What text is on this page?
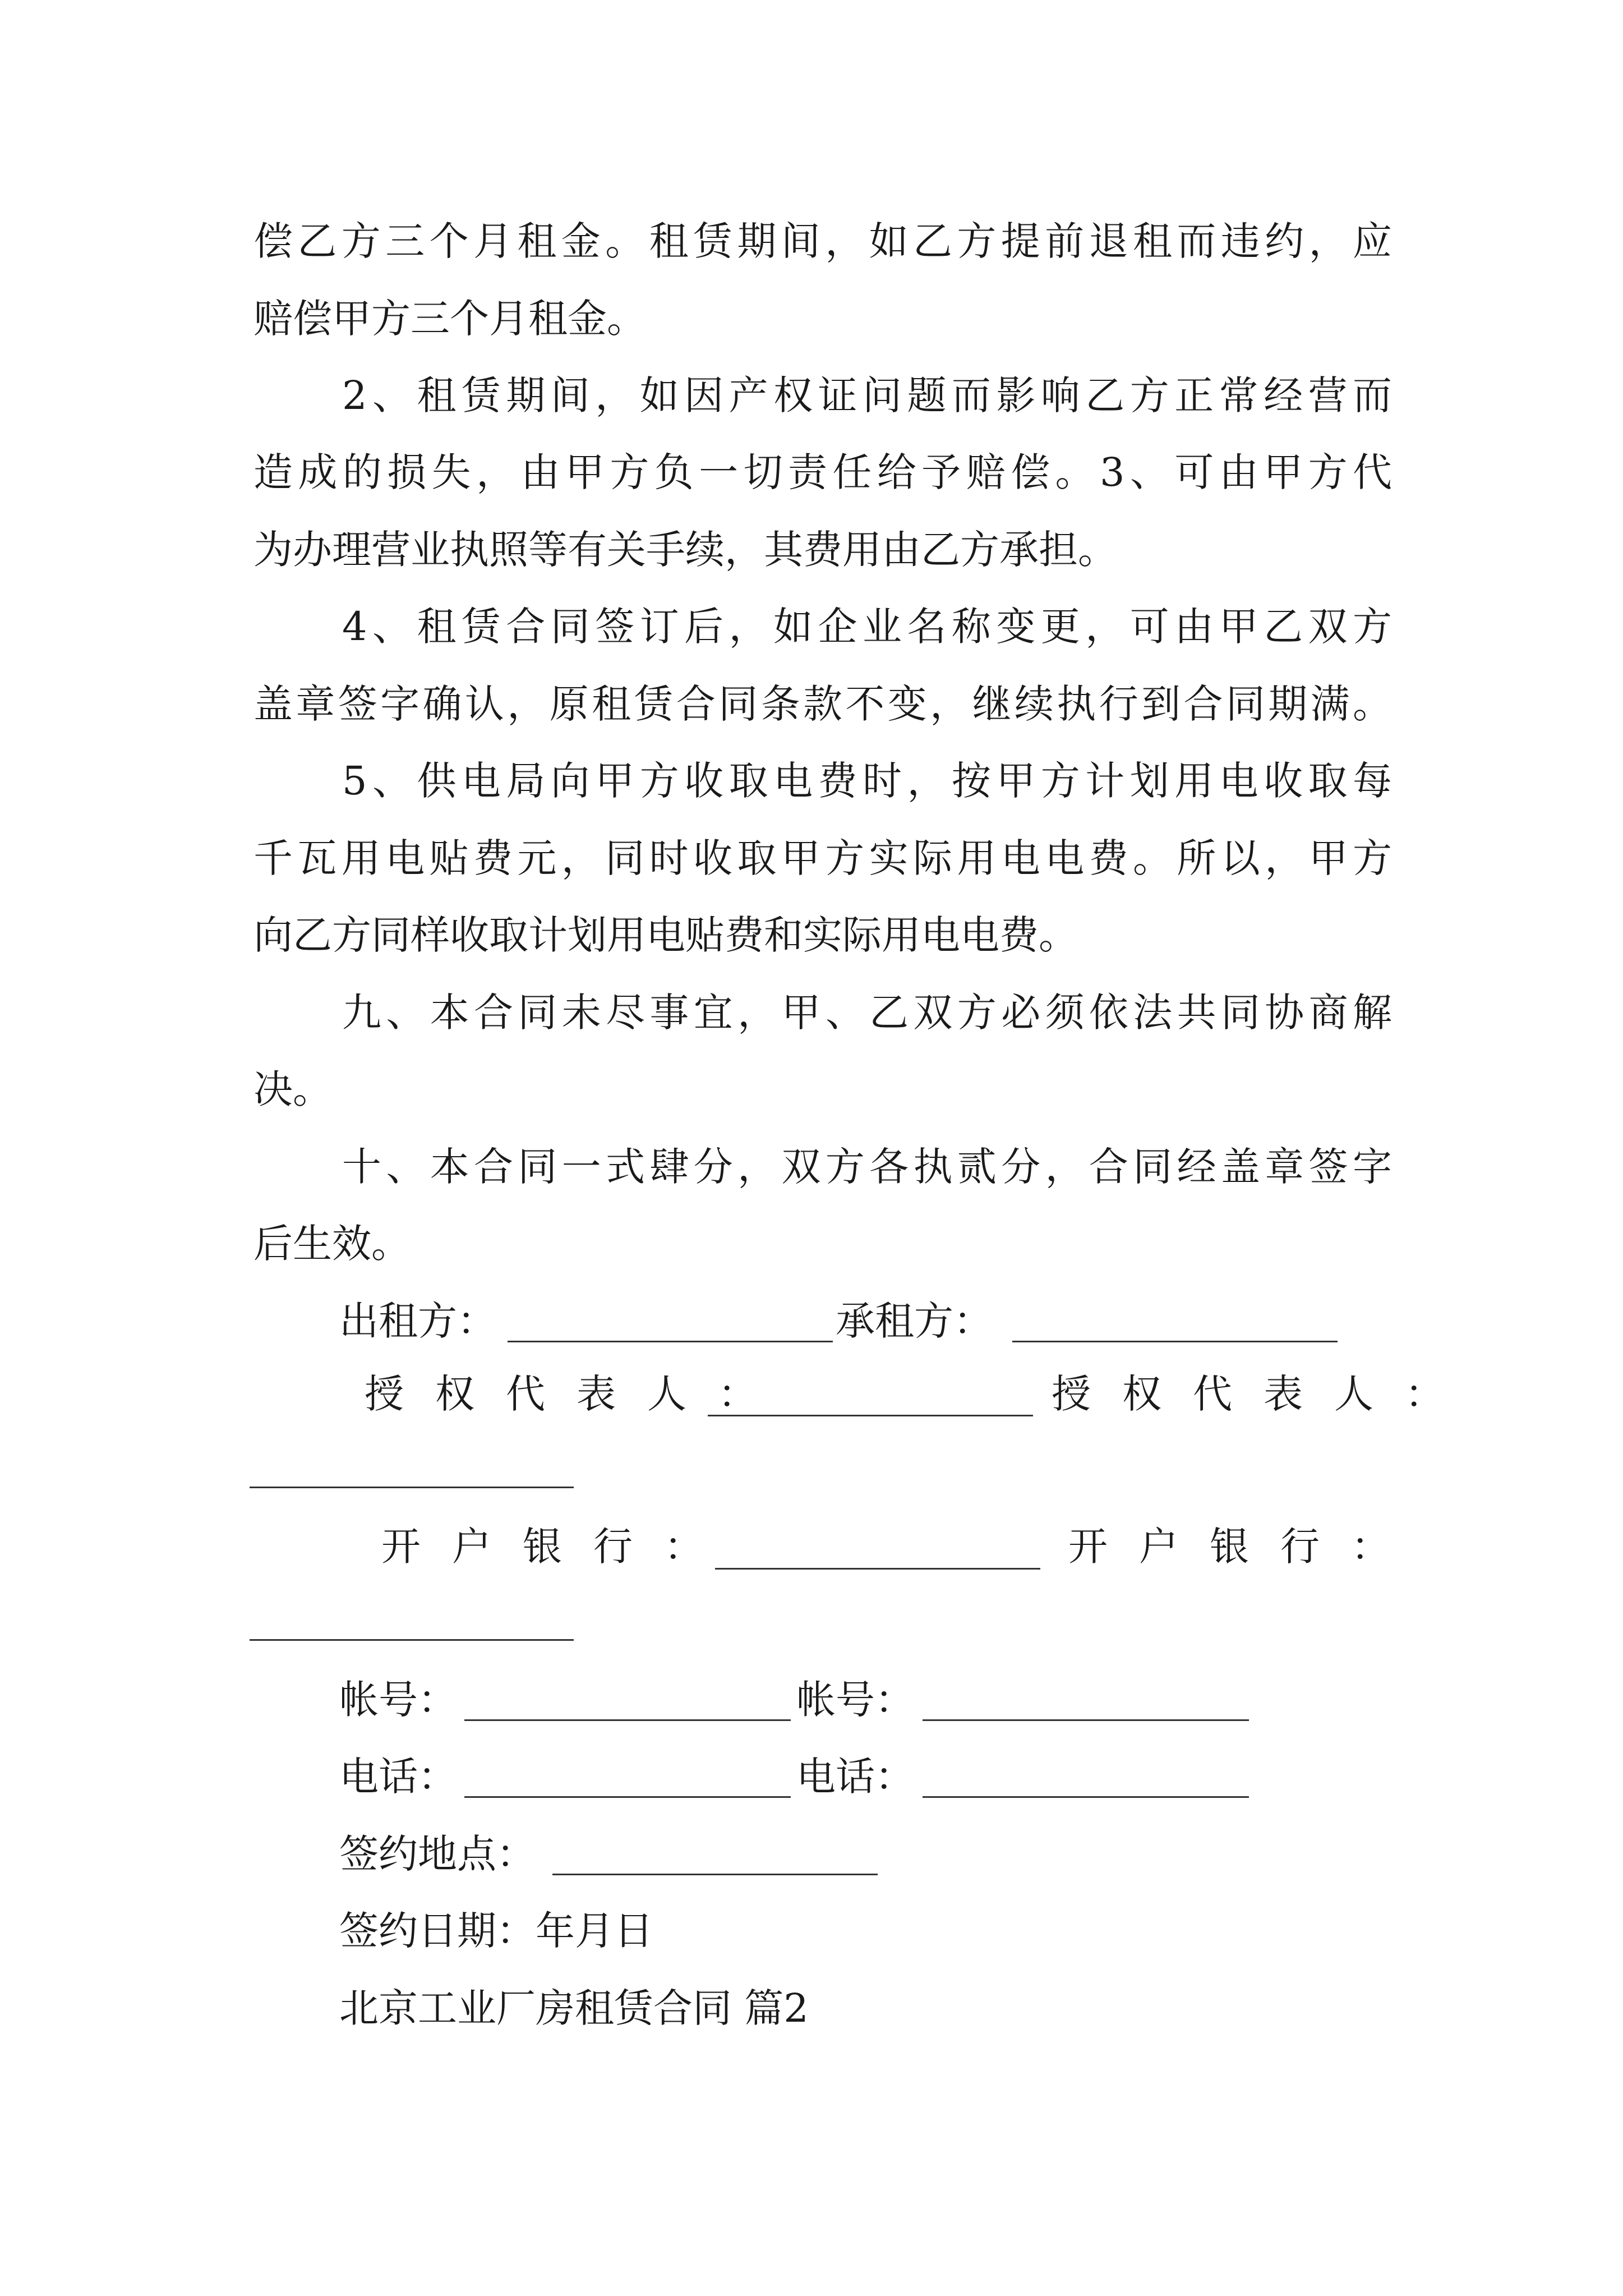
偿乙方三个月租金。租赁期间，如乙方提前退租而违约，应
赔偿甲方三个月租金。
2、租赁期间，如因产权证问题而影响乙方正常经营而
造成的损失，由甲方负一切责任给予赔偿。3、可由甲方代
为办理营业执照等有关手续，其费用由乙方承担。
4、租赁合同签订后，如企业名称变更，可由甲乙双方
盖章签字确认，原租赁合同条款不变，继续执行到合同期满。
5、供电局向甲方收取电费时，按甲方计划用电收取每
千瓦用电贴费元，同时收取甲方实际用电电费。所以，甲方
向乙方同样收取计划用电贴费和实际用电电费。
九、本合同未尽事宜，甲、乙双方必须依法共同协商解
决。
十、本合同一式肆分，双方各执贰分，合同经盖章签字
后生效。
出租方：	承租方：
授权代表人：	授权代表人：
开户银行：	开户银行：
帐号：	帐号：
电话：	电话：
签约地点：
签约日期：年月日
北京工业厂房租赁合同 篇2
